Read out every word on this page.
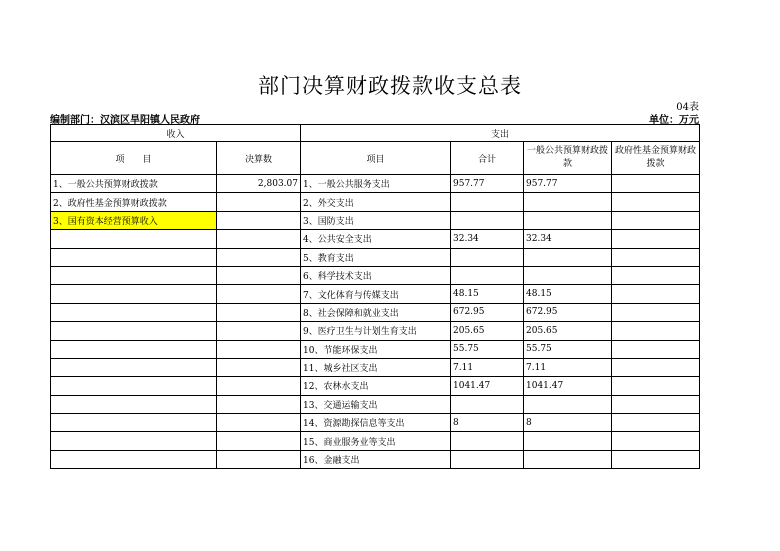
部门决算财政拨款收支总表
04表
编制部门：汉滨区旱阳镇人民政府	单位：万元
收入		支出			
项　　目	决算数	项目	合计	一般公共预算财政拨款	政府性基金预算财政拨款
1、一般公共预算财政拨款	2,803.07	1、一般公共服务支出	957.77	957.77	
2、政府性基金预算财政拨款		2、外交支出			
3、国有资本经营预算收入		3、国防支出			
		4、公共安全支出	32.34	32.34	
		5、教育支出			
		6、科学技术支出			
		7、文化体育与传媒支出	48.15	48.15	
		8、社会保障和就业支出	672.95	672.95	
		9、医疗卫生与计划生育支出	205.65	205.65	
		10、节能环保支出	55.75	55.75	
		11、城乡社区支出	7.11	7.11	
		12、农林水支出	1041.47	1041.47	
		13、交通运输支出			
		14、资源勘探信息等支出	8	8	
		15、商业服务业等支出			
		16、金融支出			
